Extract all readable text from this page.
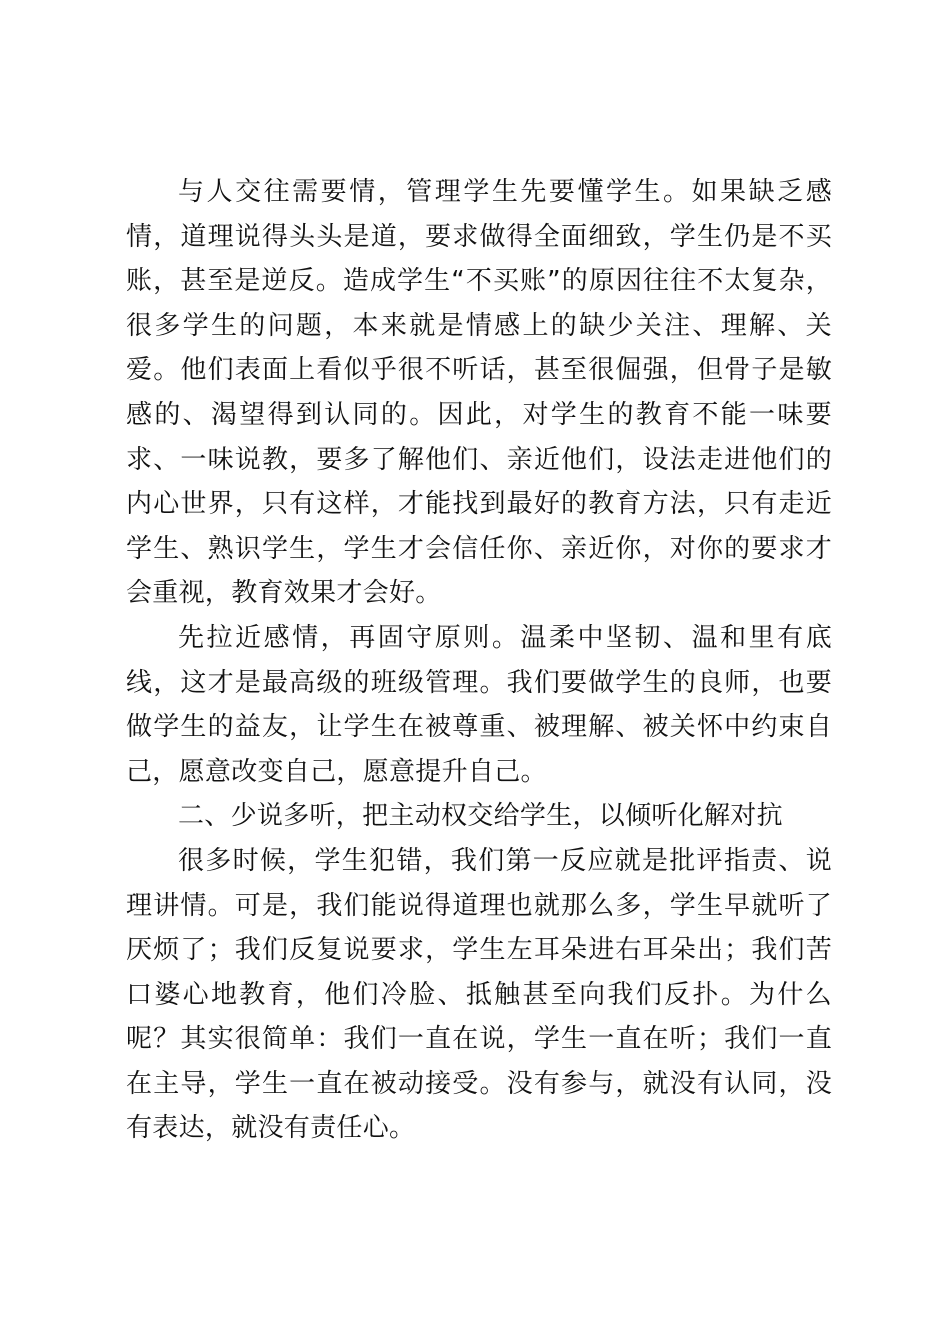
与人交往需要情，管理学生先要懂学生。如果缺乏感情，道理说得头头是道，要求做得全面细致，学生仍是不买账，甚至是逆反。造成学生“不买账”的原因往往不太复杂，很多学生的问题，本来就是情感上的缺少关注、理解、关爱。他们表面上看似乎很不听话，甚至很倔强，但骨子是敏感的、渴望得到认同的。因此，对学生的教育不能一味要求、一味说教，要多了解他们、亲近他们，设法走进他们的内心世界，只有这样，才能找到最好的教育方法，只有走近学生、熟识学生，学生才会信任你、亲近你，对你的要求才会重视，教育效果才会好。

先拉近感情，再固守原则。温柔中坚韧、温和里有底线，这才是最高级的班级管理。我们要做学生的良师，也要做学生的益友，让学生在被尊重、被理解、被关怀中约束自己，愿意改变自己，愿意提升自己。

二、少说多听，把主动权交给学生，以倾听化解对抗

很多时候，学生犯错，我们第一反应就是批评指责、说理讲情。可是，我们能说得道理也就那么多，学生早就听了厌烦了；我们反复说要求，学生左耳朵进右耳朵出；我们苦口婆心地教育，他们冷脸、抵触甚至向我们反扑。为什么呢？其实很简单：我们一直在说，学生一直在听；我们一直在主导，学生一直在被动接受。没有参与，就没有认同，没有表达，就没有责任心。
